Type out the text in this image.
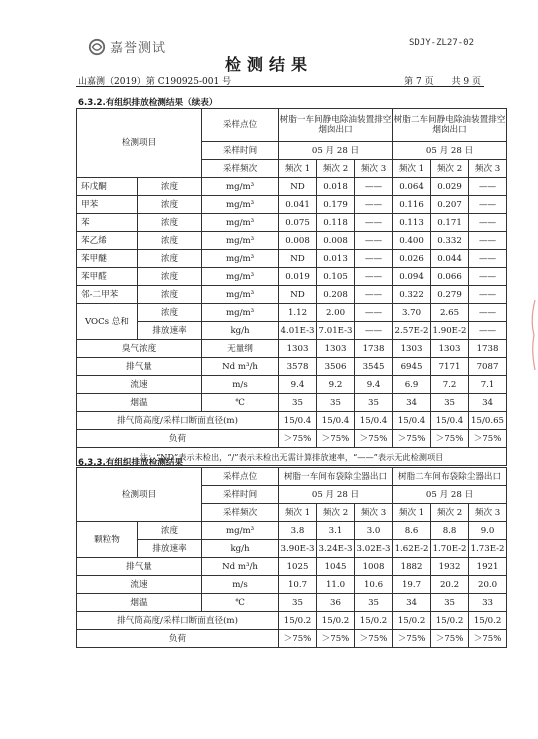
嘉誉测试	SDJY-ZL27-02
检测结果
山嘉测（2019）第 C190925-001 号	第 7 页　　共 9 页
6.3.2.有组织排放检测结果（续表）
检测项目		采样点位	树脂一车间静电除油装置排空烟囱出口			树脂二车间静电除油装置排空烟囱出口		
		采样时间	05 月 28 日			05 月 28 日		
		采样频次	频次 1	频次 2	频次 3	频次 1	频次 2	频次 3
环戊酮	浓度	mg/m³	ND	0.018	——	0.064	0.029	——
甲苯	浓度	mg/m³	0.041	0.179	——	0.116	0.207	——
苯	浓度	mg/m³	0.075	0.118	——	0.113	0.171	——
苯乙烯	浓度	mg/m³	0.008	0.008	——	0.400	0.332	——
苯甲醚	浓度	mg/m³	ND	0.013	——	0.026	0.044	——
苯甲醛	浓度	mg/m³	0.019	0.105	——	0.094	0.066	——
邻-二甲苯	浓度	mg/m³	ND	0.208	——	0.322	0.279	——
VOCs 总和	浓度	mg/m³	1.12	2.00	——	3.70	2.65	——
	排放速率	kg/h	4.01E-3	7.01E-3	——	2.57E-2	1.90E-2	——
臭气浓度		无量纲	1303	1303	1738	1303	1303	1738
排气量		Nd m³/h	3578	3506	3545	6945	7171	7087
流速		m/s	9.4	9.2	9.4	6.9	7.2	7.1
烟温		℃	35	35	35	34	35	34
排气筒高度/采样口断面直径(m)			15/0.4	15/0.4	15/0.4	15/0.4	15/0.4	15/0.65
负荷			＞75%	＞75%	＞75%	＞75%	＞75%	＞75%
注：“ND”表示未检出，“/”表示未检出无需计算排放速率，“——”表示无此检测项目								
6.3.3.有组织排放检测结果
检测项目		采样点位	树脂一车间布袋除尘器出口			树脂二车间布袋除尘器出口		
		采样时间	05 月 28 日			05 月 28 日		
		采样频次	频次 1	频次 2	频次 3	频次 1	频次 2	频次 3
颗粒物	浓度	mg/m³	3.8	3.1	3.0	8.6	8.8	9.0
	排放速率	kg/h	3.90E-3	3.24E-3	3.02E-3	1.62E-2	1.70E-2	1.73E-2
排气量		Nd m³/h	1025	1045	1008	1882	1932	1921
流速		m/s	10.7	11.0	10.6	19.7	20.2	20.0
烟温		℃	35	36	35	34	35	33
排气筒高度/采样口断面直径(m)			15/0.2	15/0.2	15/0.2	15/0.2	15/0.2	15/0.2
负荷			＞75%	＞75%	＞75%	＞75%	＞75%	＞75%
